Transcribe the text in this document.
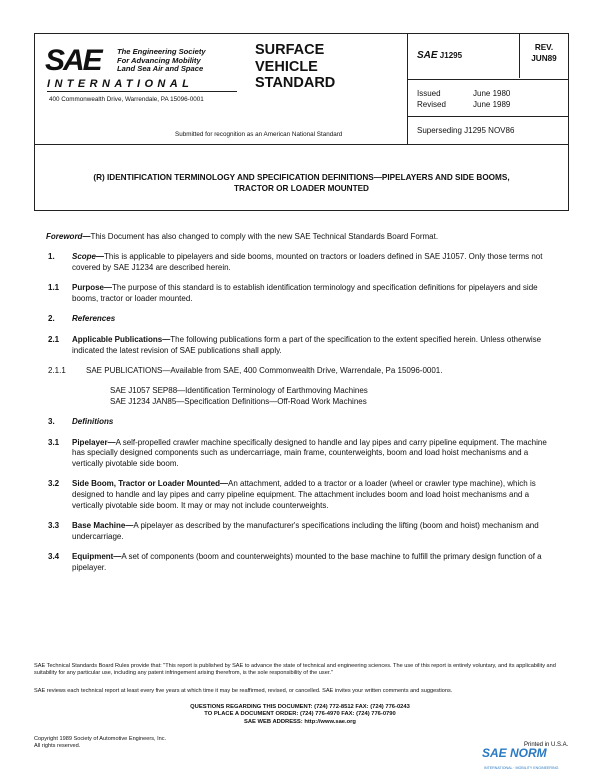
SAE The Engineering Society
For Advancing Mobility
Land Sea Air and Space
INTERNATIONAL
400 Commonwealth Drive, Warrendale, PA 15096-0001
SURFACE
VEHICLE
STANDARD
Submitted for recognition as an American National Standard
SAE J1295
REV.
JUN89
Issued	June 1980
Revised	June 1989
Superseding J1295 NOV86
(R) IDENTIFICATION TERMINOLOGY AND SPECIFICATION DEFINITIONS—PIPELAYERS AND SIDE BOOMS,
TRACTOR OR LOADER MOUNTED
Foreword—This Document has also changed to comply with the new SAE Technical Standards Board Format.
1. Scope—This is applicable to pipelayers and side booms, mounted on tractors or loaders defined in SAE J1057. Only those terms not covered by SAE J1234 are described herein.
1.1 Purpose—The purpose of this standard is to establish identification terminology and specification definitions for pipelayers and side booms, tractor or loader mounted.
2. References
2.1 Applicable Publications—The following publications form a part of the specification to the extent specified herein. Unless otherwise indicated the latest revision of SAE publications shall apply.
2.1.1	SAE PUBLICATIONS—Available from SAE, 400 Commonwealth Drive, Warrendale, Pa 15096-0001.
SAE J1057 SEP88—Identification Terminology of Earthmoving Machines
SAE J1234 JAN85—Specification Definitions—Off-Road Work Machines
3. Definitions
3.1 Pipelayer—A self-propelled crawler machine specifically designed to handle and lay pipes and carry pipeline equipment. The machine has specially designed components such as undercarriage, main frame, counterweights, boom and load hoist mechanisms and a vertically pivotable side boom.
3.2 Side Boom, Tractor or Loader Mounted—An attachment, added to a tractor or a loader (wheel or crawler type machine), which is designed to handle and lay pipes and carry pipeline equipment. The attachment includes boom and load hoist mechanisms and a vertically pivotable side boom. It may or may not include counterweights.
3.3 Base Machine—A pipelayer as described by the manufacturer's specifications including the lifting (boom and hoist) mechanism and undercarriage.
3.4 Equipment—A set of components (boom and counterweights) mounted to the base machine to fulfill the primary design function of a pipelayer.
SAE Technical Standards Board Rules provide that: "This report is published by SAE to advance the state of technical and engineering sciences. The use of this report is entirely voluntary, and its applicability and suitability for any particular use, including any patent infringement arising therefrom, is the sole responsibility of the user."
SAE reviews each technical report at least every five years at which time it may be reaffirmed, revised, or cancelled. SAE invites your written comments and suggestions.
QUESTIONS REGARDING THIS DOCUMENT: (724) 772-8512 FAX: (724) 776-0243
TO PLACE A DOCUMENT ORDER: (724) 776-4970 FAX: (724) 776-0790
SAE WEB ADDRESS: http://www.sae.org
Copyright 1989 Society of Automotive Engineers, Inc.
All rights reserved.	Printed in U.S.A.
SAE NORM
INTERNATIONAL · MOBILITY ENGINEERING
